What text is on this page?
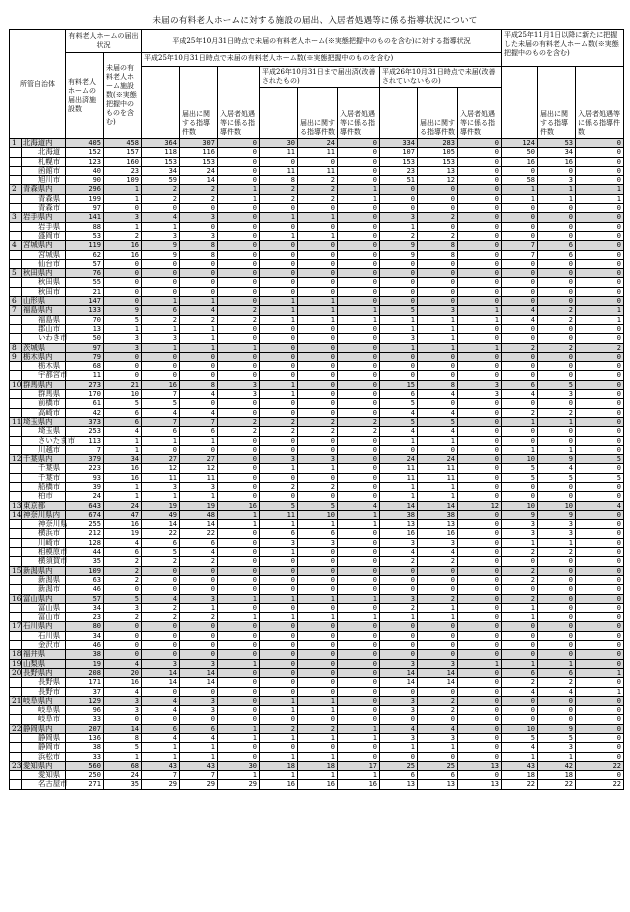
未届の有料老人ホームに対する施設の届出、入居者処遇等に係る指導状況について
所管自治体		有料老人ホームの届出状況		平成25年10月31日時点で未届の有料老人ホーム(※実態把握中のものを含む)に対する指導状況									平成25年11月1日以降に新たに把握した未届の有料老人ホーム数(※実態把握中のものを含む)		
		有料老人ホームの届出済施設数	未届の有料老人ホーム施設数(※実態把握中のものを含む)	平成25年10月31日時点で未届の有料老人ホーム数(※実態把握中のものを含む)											
					届出に関する指導件数	入居者処遇等に係る指導件数	平成26年10月31日まで届出済(改善されたもの)			平成26年10月31日時点で未届(改善されていないもの)				届出に関する指導件数	入居者処遇等に係る指導件数
								届出に関する指導件数	入居者処遇等に係る指導件数		届出に関する指導件数	入居者処遇等に係る指導件数			
1	北海道内	405	458	364	307	0	30	24	0	334	283	0	124	53	0
	北海道	152	157	118	116	0	11	11	0	107	105	0	50	34	0
	札幌市	123	160	153	153	0	0	0	0	153	153	0	16	16	0
	函館市	40	23	34	24	0	11	11	0	23	13	0	0	0	0
	旭川市	90	109	59	14	0	8	2	0	51	12	0	58	3	0
2	青森県内	296	1	2	2	1	2	2	1	0	0	0	1	1	1
	青森県	199	1	2	2	1	2	2	1	0	0	0	1	1	1
	青森市	97	0	0	0	0	0	0	0	0	0	0	0	0	0
3	岩手県内	141	3	4	3	0	1	1	0	3	2	0	0	0	0
	岩手県	88	1	1	0	0	0	0	0	1	0	0	0	0	0
	盛岡市	53	2	3	3	0	1	1	0	2	2	0	0	0	0
4	宮城県内	119	16	9	8	0	0	0	0	9	8	0	7	6	0
	宮城県	62	16	9	8	0	0	0	0	9	8	0	7	6	0
	仙台市	57	0	0	0	0	0	0	0	0	0	0	0	0	0
5	秋田県内	76	0	0	0	0	0	0	0	0	0	0	0	0	0
	秋田県	55	0	0	0	0	0	0	0	0	0	0	0	0	0
	秋田市	21	0	0	0	0	0	0	0	0	0	0	0	0	0
6	山形県	147	0	1	1	0	1	1	0	0	0	0	0	0	0
7	福島県内	133	9	6	4	2	1	1	1	5	3	1	4	2	1
	福島県	70	5	2	2	2	1	1	1	1	1	1	4	2	1
	郡山市	13	1	1	1	0	0	0	0	1	1	0	0	0	0
	いわき市	50	3	3	1	0	0	0	0	3	1	0	0	0	0
8	茨城県	97	3	1	1	1	0	0	0	1	1	1	2	2	2
9	栃木県内	79	0	0	0	0	0	0	0	0	0	0	0	0	0
	栃木県	68	0	0	0	0	0	0	0	0	0	0	0	0	0
	宇都宮市	11	0	0	0	0	0	0	0	0	0	0	0	0	0
10	群馬県内	273	21	16	8	3	1	0	0	15	8	3	6	5	0
	群馬県	170	10	7	4	3	1	0	0	6	4	3	4	3	0
	前橋市	61	5	5	0	0	0	0	0	5	0	0	0	0	0
	高崎市	42	6	4	4	0	0	0	0	4	4	0	2	2	0
11	埼玉県内	373	6	7	7	2	2	2	2	5	5	0	1	1	0
	埼玉県	253	4	6	6	2	2	2	2	4	4	0	0	0	0
	さいたま市	113	1	1	1	0	0	0	0	1	1	0	0	0	0
	川越市	7	1	0	0	0	0	0	0	0	0	0	1	1	0
12	千葉県内	379	34	27	27	0	3	3	0	24	24	0	10	9	5
	千葉県	223	16	12	12	0	1	1	0	11	11	0	5	4	0
	千葉市	93	16	11	11	0	0	0	0	11	11	0	5	5	5
	船橋市	39	1	3	3	0	2	2	0	1	1	0	0	0	0
	柏市	24	1	1	1	0	0	0	0	1	1	0	0	0	0
13	東京都	643	24	19	19	16	5	5	4	14	14	12	10	10	4
14	神奈川県内	674	47	49	48	1	11	10	1	38	38	0	9	9	0
	神奈川県	255	16	14	14	1	1	1	1	13	13	0	3	3	0
	横浜市	212	19	22	22	0	6	6	0	16	16	0	3	3	0
	川崎市	128	4	6	6	0	3	3	0	3	3	0	1	1	0
	相模原市	44	6	5	4	0	1	0	0	4	4	0	2	2	0
	横須賀市	35	2	2	2	0	0	0	0	2	2	0	0	0	0
15	新潟県内	109	2	0	0	0	0	0	0	0	0	0	2	0	0
	新潟県	63	2	0	0	0	0	0	0	0	0	0	2	0	0
	新潟市	46	0	0	0	0	0	0	0	0	0	0	0	0	0
16	富山県内	57	5	4	3	1	1	1	1	3	2	0	2	0	0
	富山県	34	3	2	1	0	0	0	0	2	1	0	1	0	0
	富山市	23	2	2	2	1	1	1	1	1	1	0	1	0	0
17	石川県内	80	0	0	0	0	0	0	0	0	0	0	0	0	0
	石川県	34	0	0	0	0	0	0	0	0	0	0	0	0	0
	金沢市	46	0	0	0	0	0	0	0	0	0	0	0	0	0
18	福井県	38	0	0	0	0	0	0	0	0	0	0	0	0	0
19	山梨県	19	4	3	3	1	0	0	0	3	3	1	1	1	0
20	長野県内	208	20	14	14	0	0	0	0	14	14	0	6	6	1
	長野県	171	16	14	14	0	0	0	0	14	14	0	2	2	0
	長野市	37	4	0	0	0	0	0	0	0	0	0	4	4	1
21	岐阜県内	129	3	4	3	0	1	1	0	3	2	0	0	0	0
	岐阜県	96	3	4	3	0	1	1	0	3	2	0	0	0	0
	岐阜市	33	0	0	0	0	0	0	0	0	0	0	0	0	0
22	静岡県内	207	14	6	6	1	2	2	1	4	4	0	10	9	0
	静岡県	136	8	4	4	1	1	1	1	3	3	0	5	5	0
	静岡市	38	5	1	1	0	0	0	0	1	1	0	4	3	0
	浜松市	33	1	1	1	0	1	1	0	0	0	0	1	1	0
23	愛知県内	560	68	43	43	30	18	18	17	25	25	13	43	42	22
	愛知県	250	24	7	7	1	1	1	1	6	6	0	18	18	0
	名古屋市	271	35	29	29	29	16	16	16	13	13	13	22	22	22
